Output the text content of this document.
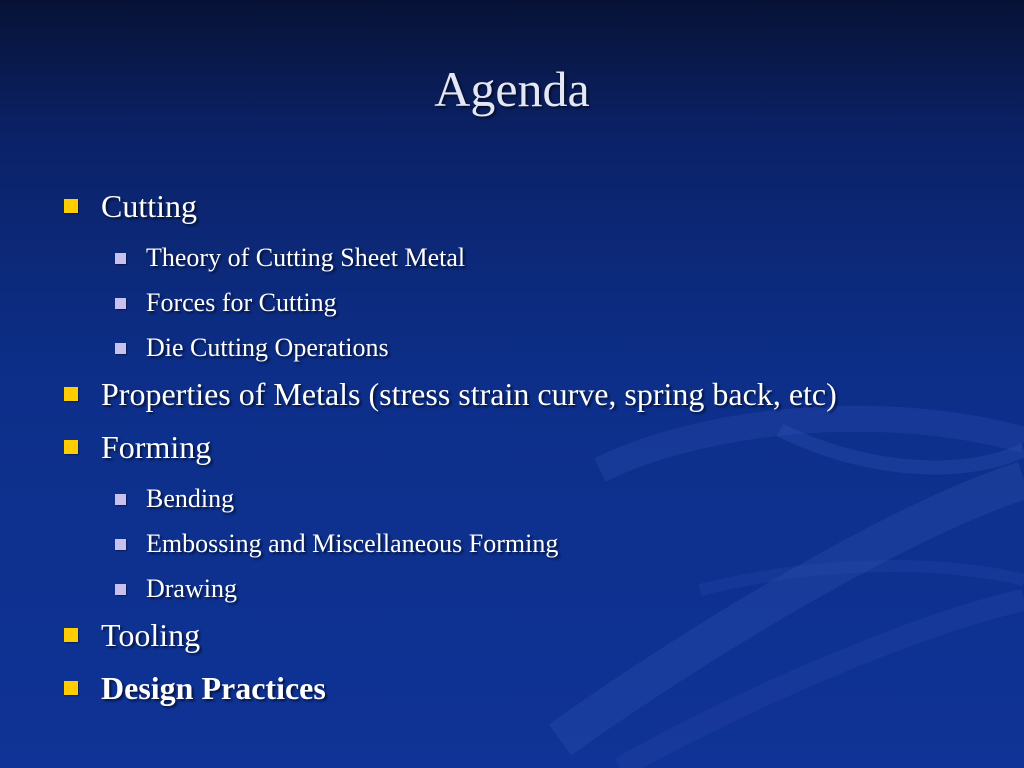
Agenda
Cutting
Theory of Cutting Sheet Metal
Forces for Cutting
Die Cutting Operations
Properties of Metals (stress strain curve, spring back, etc)
Forming
Bending
Embossing and Miscellaneous Forming
Drawing
Tooling
Design Practices
